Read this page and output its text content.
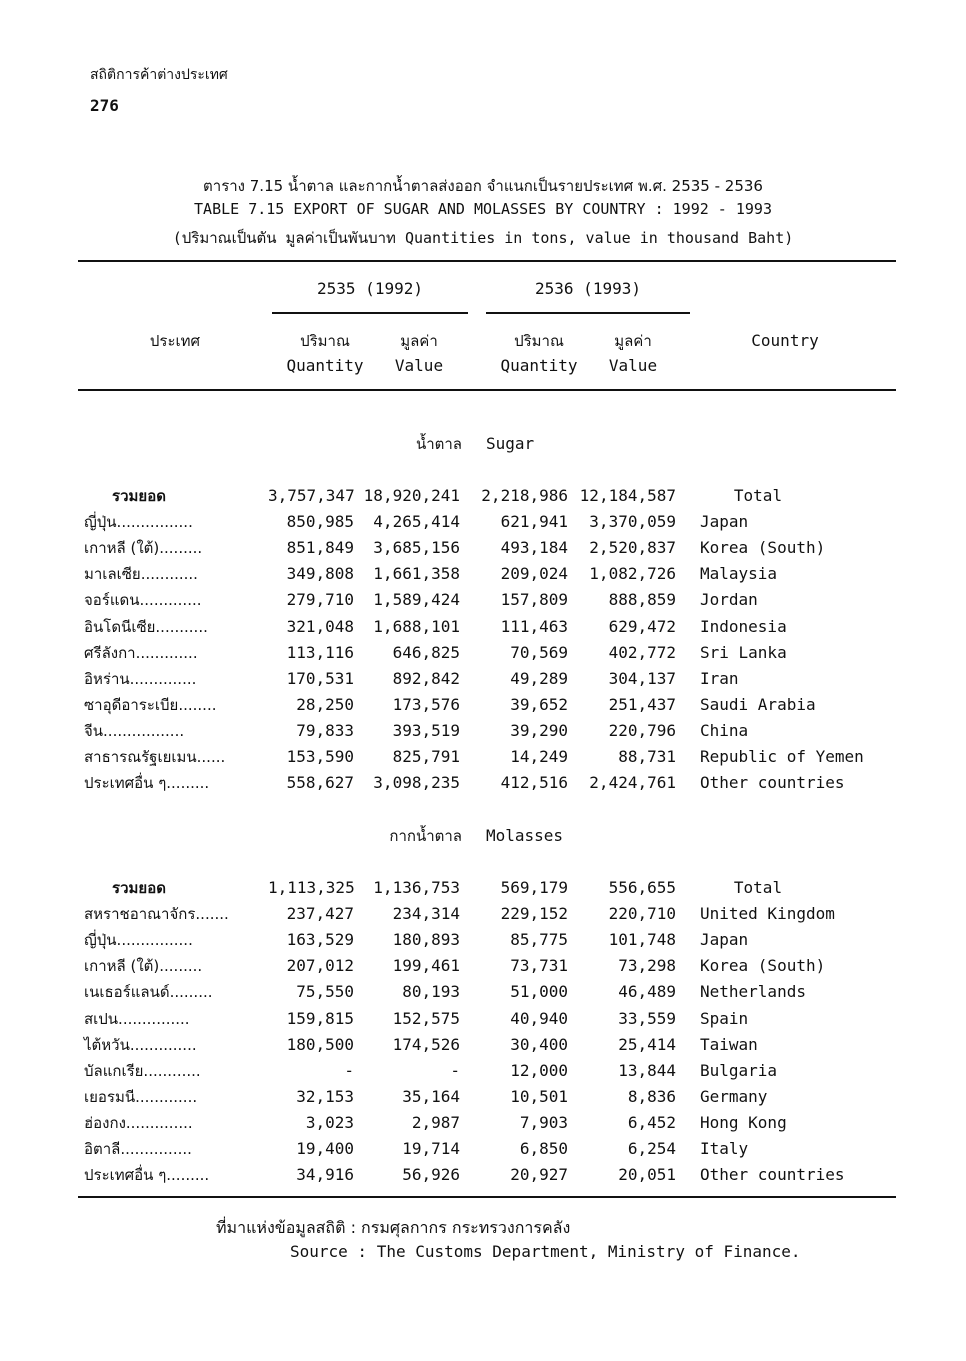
สถิติการค้าต่างประเทศ
276
ตาราง 7.15 น้ำตาล และกากน้ำตาลส่งออก จำแนกเป็นรายประเทศ พ.ศ. 2535 - 2536
TABLE 7.15 EXPORT OF SUGAR AND MOLASSES BY COUNTRY : 1992 - 1993
(ปริมาณเป็นตัน มูลค่าเป็นพันบาท Quantities in tons, value in thousand Baht)
2535 (1992)	2536 (1993)
ประเทศ	ปริมาณ	มูลค่า	ปริมาณ	มูลค่า	Country
Quantity	Value	Quantity	Value
น้ำตาล Sugar
รวมยอด	3,757,347 18,920,241	2,218,986 12,184,587	Total
ญี่ปุ่น................	850,985	4,265,414	621,941	3,370,059 Japan
เกาหลี (ใต้).........	851,849	3,685,156	493,184	2,520,837 Korea (South)
มาเลเซีย............	349,808	1,661,358	209,024	1,082,726 Malaysia
จอร์แดน.............	279,710	1,589,424	157,809	888,859 Jordan
อินโดนีเซีย...........	321,048	1,688,101	111,463	629,472 Indonesia
ศรีลังกา.............	113,116	646,825	70,569	402,772 Sri Lanka
อิหร่าน..............	170,531	892,842	49,289	304,137 Iran
ซาอุดีอาระเบีย........	28,250	173,576	39,652	251,437 Saudi Arabia
จีน.................	79,833	393,519	39,290	220,796 China
สาธารณรัฐเยเมน......	153,590	825,791	14,249	88,731 Republic of Yemen
ประเทศอื่น ๆ.........	558,627	3,098,235	412,516	2,424,761 Other countries
กากน้ำตาล Molasses
รวมยอด	1,113,325	1,136,753	569,179	556,655	Total
สหราชอาณาจักร.......	237,427	234,314	229,152	220,710 United Kingdom
ญี่ปุ่น................	163,529	180,893	85,775	101,748 Japan
เกาหลี (ใต้).........	207,012	199,461	73,731	73,298 Korea (South)
เนเธอร์แลนด์.........	75,550	80,193	51,000	46,489 Netherlands
สเปน...............	159,815	152,575	40,940	33,559 Spain
ไต้หวัน..............	180,500	174,526	30,400	25,414 Taiwan
บัลแกเรีย............	-	-	12,000	13,844 Bulgaria
เยอรมนี.............	32,153	35,164	10,501	8,836 Germany
ฮ่องกง..............	3,023	2,987	7,903	6,452 Hong Kong
อิตาลี...............	19,400	19,714	6,850	6,254 Italy
ประเทศอื่น ๆ.........	34,916	56,926	20,927	20,051 Other countries
ที่มาแห่งข้อมูลสถิติ : กรมศุลกากร กระทรวงการคลัง
Source : The Customs Department, Ministry of Finance.
